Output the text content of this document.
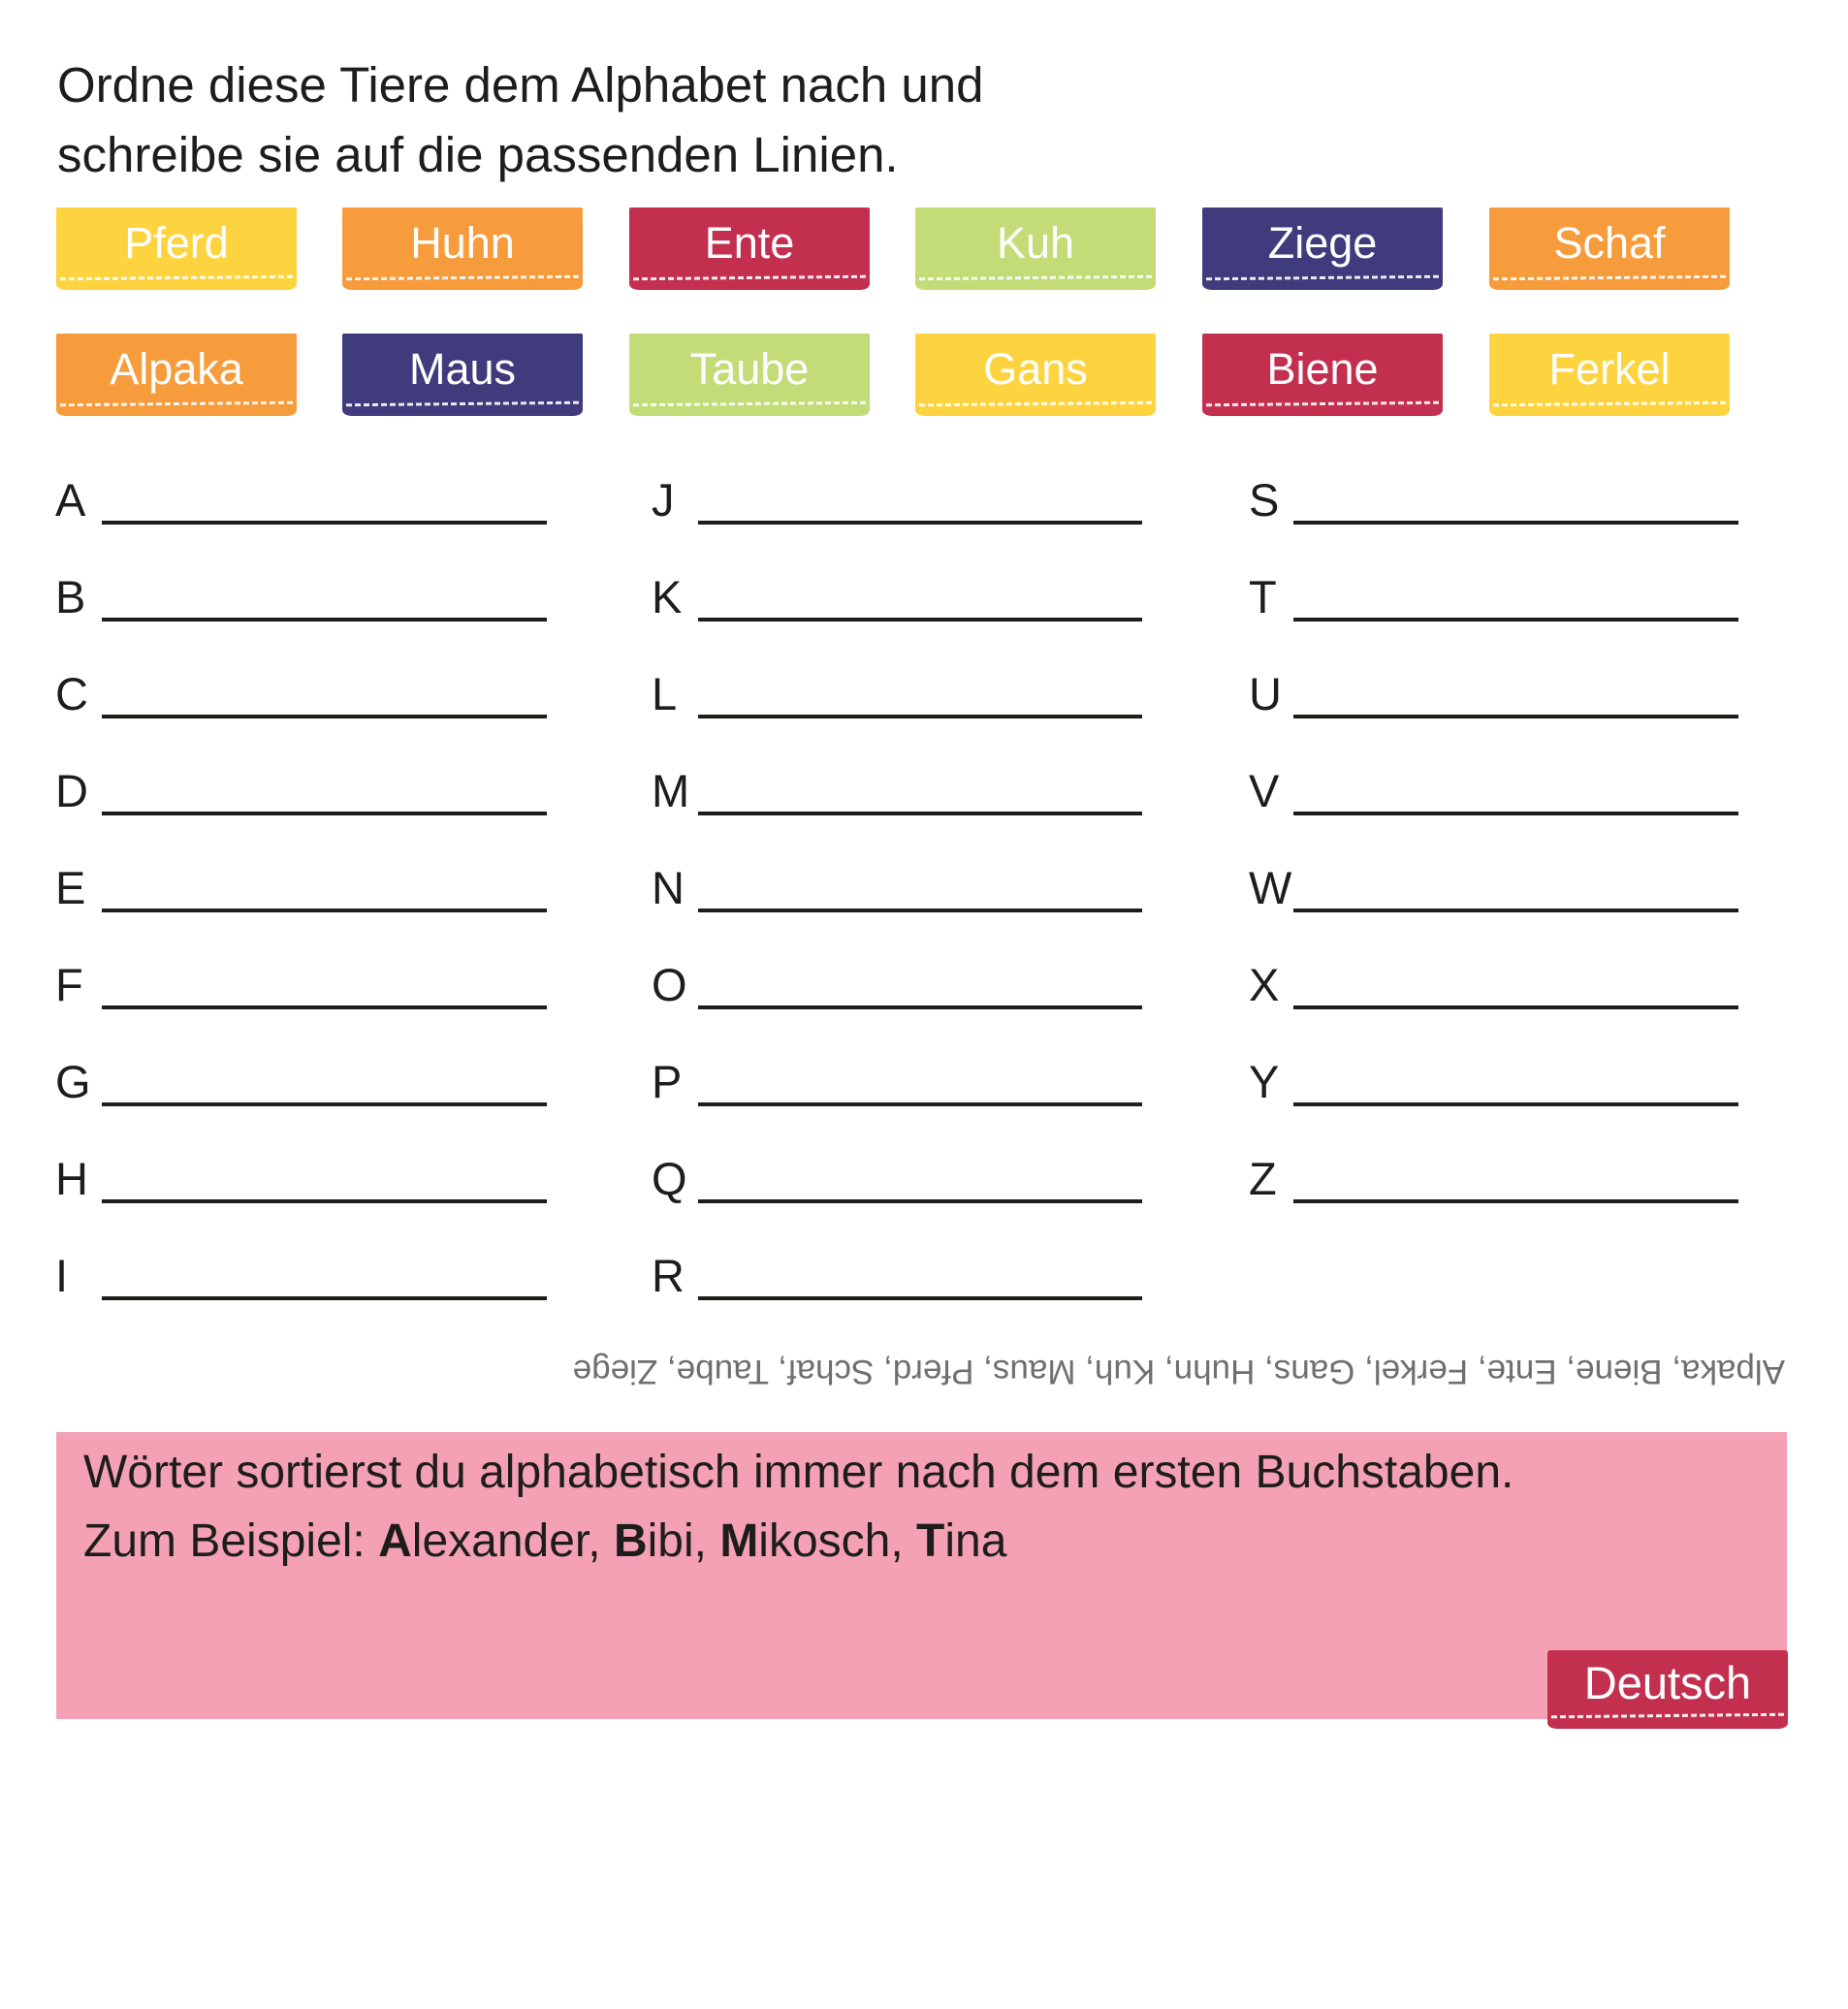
Ordne diese Tiere dem Alphabet nach und
schreibe sie auf die passenden Linien.
Pferd	Huhn	Ente	Kuh	Ziege	Schaf
Alpaka	Maus	Taube	Gans	Biene	Ferkel
A
B
C
D
E
F
G
H
I
J
K
L
M
N
O
P
Q
R
S
T
U
V
W
X
Y
Z
Alpaka, Biene, Ente, Ferkel, Gans, Huhn, Kuh, Maus, Pferd, Schaf, Taube, Ziege

Wörter sortierst du alphabetisch immer nach dem ersten Buchstaben.

Zum Beispiel: Alexander, Bibi, Mikosch, Tina

Deutsch
